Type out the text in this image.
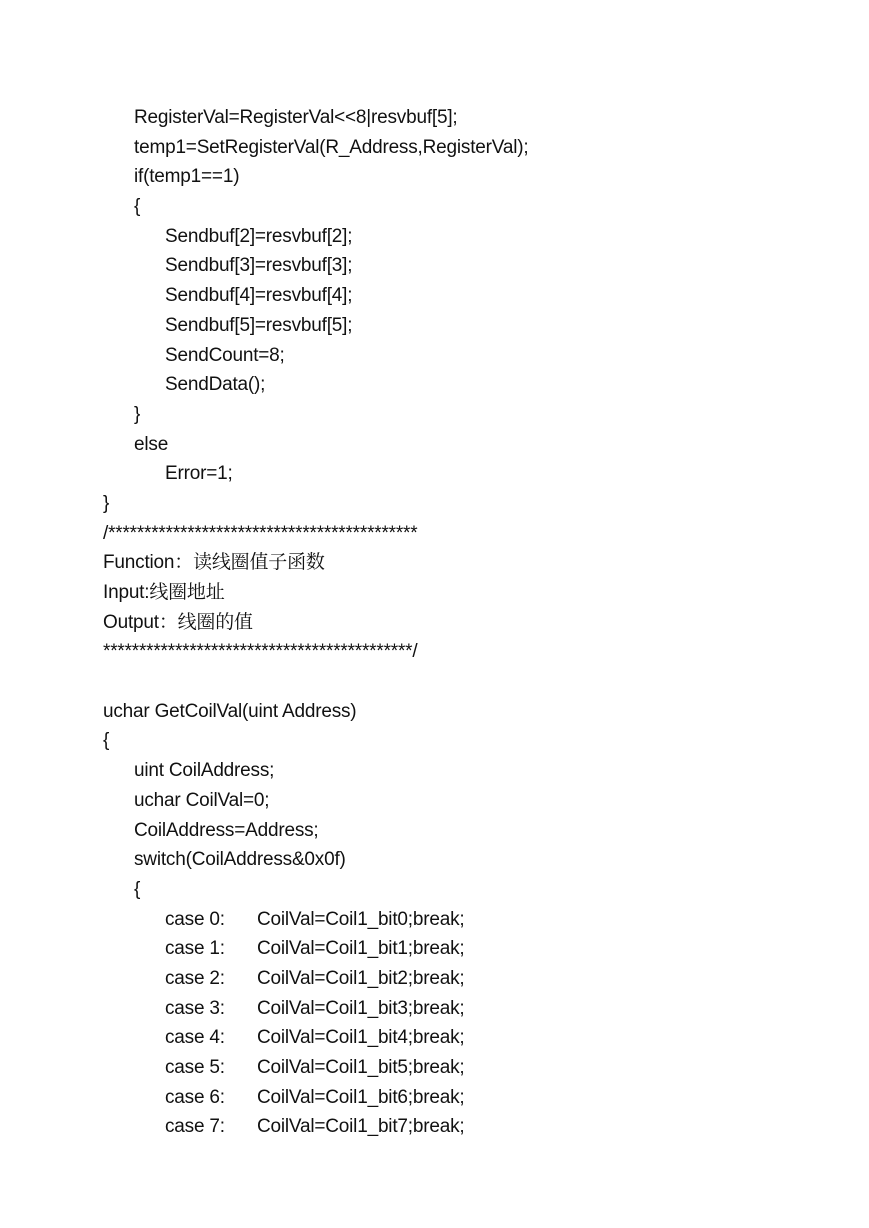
RegisterVal=RegisterVal<<8|resvbuf[5];
temp1=SetRegisterVal(R_Address,RegisterVal);
if(temp1==1)
{
Sendbuf[2]=resvbuf[2];
Sendbuf[3]=resvbuf[3];
Sendbuf[4]=resvbuf[4];
Sendbuf[5]=resvbuf[5];
SendCount=8;
SendData();
}
else
Error=1;
}
/*******************************************
Function：读线圈值子函数
Input:线圈地址
Output：线圈的值
*******************************************/
uchar GetCoilVal(uint Address)
{
uint CoilAddress;
uchar CoilVal=0;
CoilAddress=Address;
switch(CoilAddress&0x0f)
{
case 0: CoilVal=Coil1_bit0;break;
case 1: CoilVal=Coil1_bit1;break;
case 2: CoilVal=Coil1_bit2;break;
case 3: CoilVal=Coil1_bit3;break;
case 4: CoilVal=Coil1_bit4;break;
case 5: CoilVal=Coil1_bit5;break;
case 6: CoilVal=Coil1_bit6;break;
case 7: CoilVal=Coil1_bit7;break;
